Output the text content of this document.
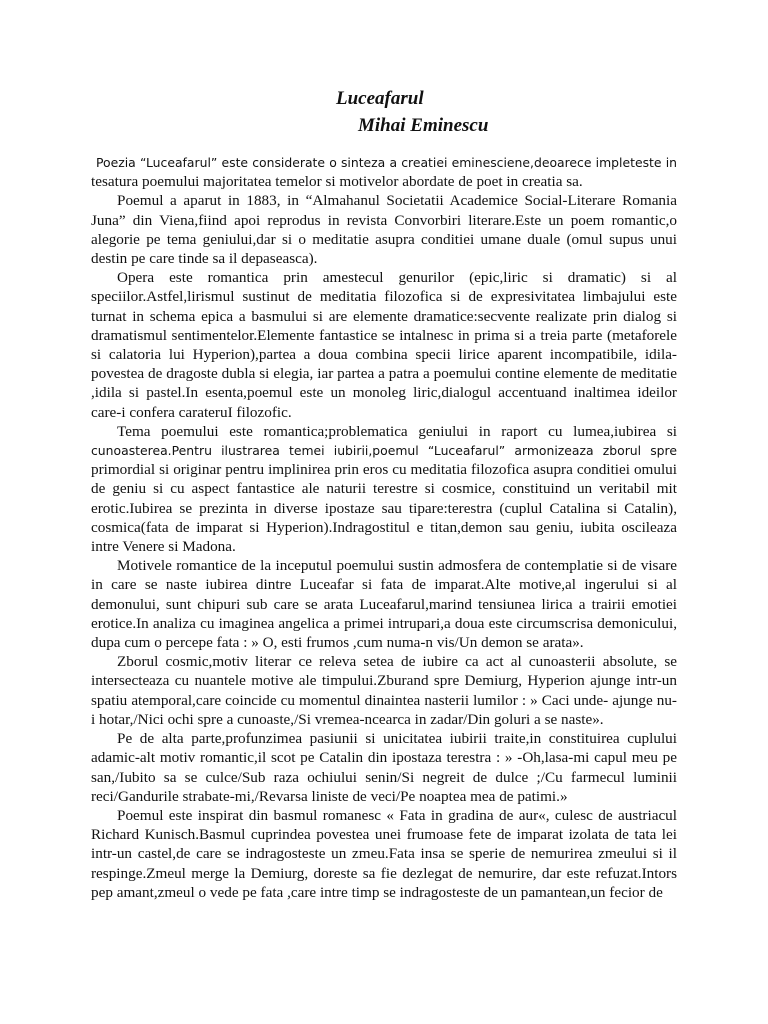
Luceafarul
Mihai Eminescu

Poezia “Luceafarul” este considerate o sinteza a creatiei eminesciene,deoarece impleteste in tesatura poemului majoritatea temelor si motivelor abordate de poet in creatia sa.

Poemul a aparut in 1883, in “Almahanul Societatii Academice Social-Literare Romania Juna” din Viena,fiind apoi reprodus in revista Convorbiri literare.Este un poem romantic,o alegorie pe tema geniului,dar si o meditatie asupra conditiei umane duale (omul supus unui destin pe care tinde sa il depaseasca).

Opera este romantica prin amestecul genurilor (epic,liric si dramatic) si al speciilor.Astfel,lirismul sustinut de meditatia filozofica si de expresivitatea limbajului este turnat in schema epica a basmului si are elemente dramatice:secvente realizate prin dialog si dramatismul sentimentelor.Elemente fantastice se intalnesc in prima si a treia parte (metaforele si calatoria lui Hyperion),partea a doua combina specii lirice aparent incompatibile, idila- povestea de dragoste dubla si elegia, iar partea a patra a poemului contine elemente de meditatie ,idila si pastel.In esenta,poemul este un monoleg liric,dialogul accentuand inaltimea ideilor care-i confera carateruI filozofic.

Tema poemului este romantica;problematica geniului in raport cu lumea,iubirea si cunoasterea.Pentru ilustrarea temei iubirii,poemul “Luceafarul” armonizeaza zborul spre primordial si originar pentru implinirea prin eros cu meditatia filozofica asupra conditiei omului de geniu si cu aspect fantastice ale naturii terestre si cosmice, constituind un veritabil mit erotic.Iubirea se prezinta in diverse ipostaze sau tipare:terestra (cuplul Catalina si Catalin), cosmica(fata de imparat si Hyperion).Indragostitul e titan,demon sau geniu, iubita oscileaza intre Venere si Madona.

Motivele romantice de la inceputul poemului sustin admosfera de contemplatie si de visare in care se naste iubirea dintre Luceafar si fata de imparat.Alte motive,al ingerului si al demonului, sunt chipuri sub care se arata Luceafarul,marind tensiunea lirica a trairii emotiei erotice.In analiza cu imaginea angelica a primei intrupari,a doua este circumscrisa demonicului, dupa cum o percepe fata : » O, esti frumos ,cum numa-n vis/Un demon se arata».

Zborul cosmic,motiv literar ce releva setea de iubire ca act al cunoasterii absolute, se intersecteaza cu nuantele motive ale timpului.Zburand spre Demiurg, Hyperion ajunge intr-un spatiu atemporal,care coincide cu momentul dinaintea nasterii lumilor : » Caci unde- ajunge nu-i hotar,/Nici ochi spre a cunoaste,/Si vremea-ncearca in zadar/Din goluri a se naste».

Pe de alta parte,profunzimea pasiunii si unicitatea iubirii traite,in constituirea cuplului adamic-alt motiv romantic,il scot pe Catalin din ipostaza terestra : » -Oh,lasa-mi capul meu pe san,/Iubito sa se culce/Sub raza ochiului senin/Si negreit de dulce ;/Cu farmecul luminii reci/Gandurile strabate-mi,/Revarsa liniste de veci/Pe noaptea mea de patimi.»

Poemul este inspirat din basmul romanesc « Fata in gradina de aur«, culesc de austriacul Richard Kunisch.Basmul cuprindea povestea unei frumoase fete de imparat izolata de tata lei intr-un castel,de care se indragosteste un zmeu.Fata insa se sperie de nemurirea zmeului si il respinge.Zmeul merge la Demiurg, doreste sa fie dezlegat de nemurire, dar este refuzat.Intors pep amant,zmeul o vede pe fata ,care intre timp se indragosteste de un pamantean,un fecior de
